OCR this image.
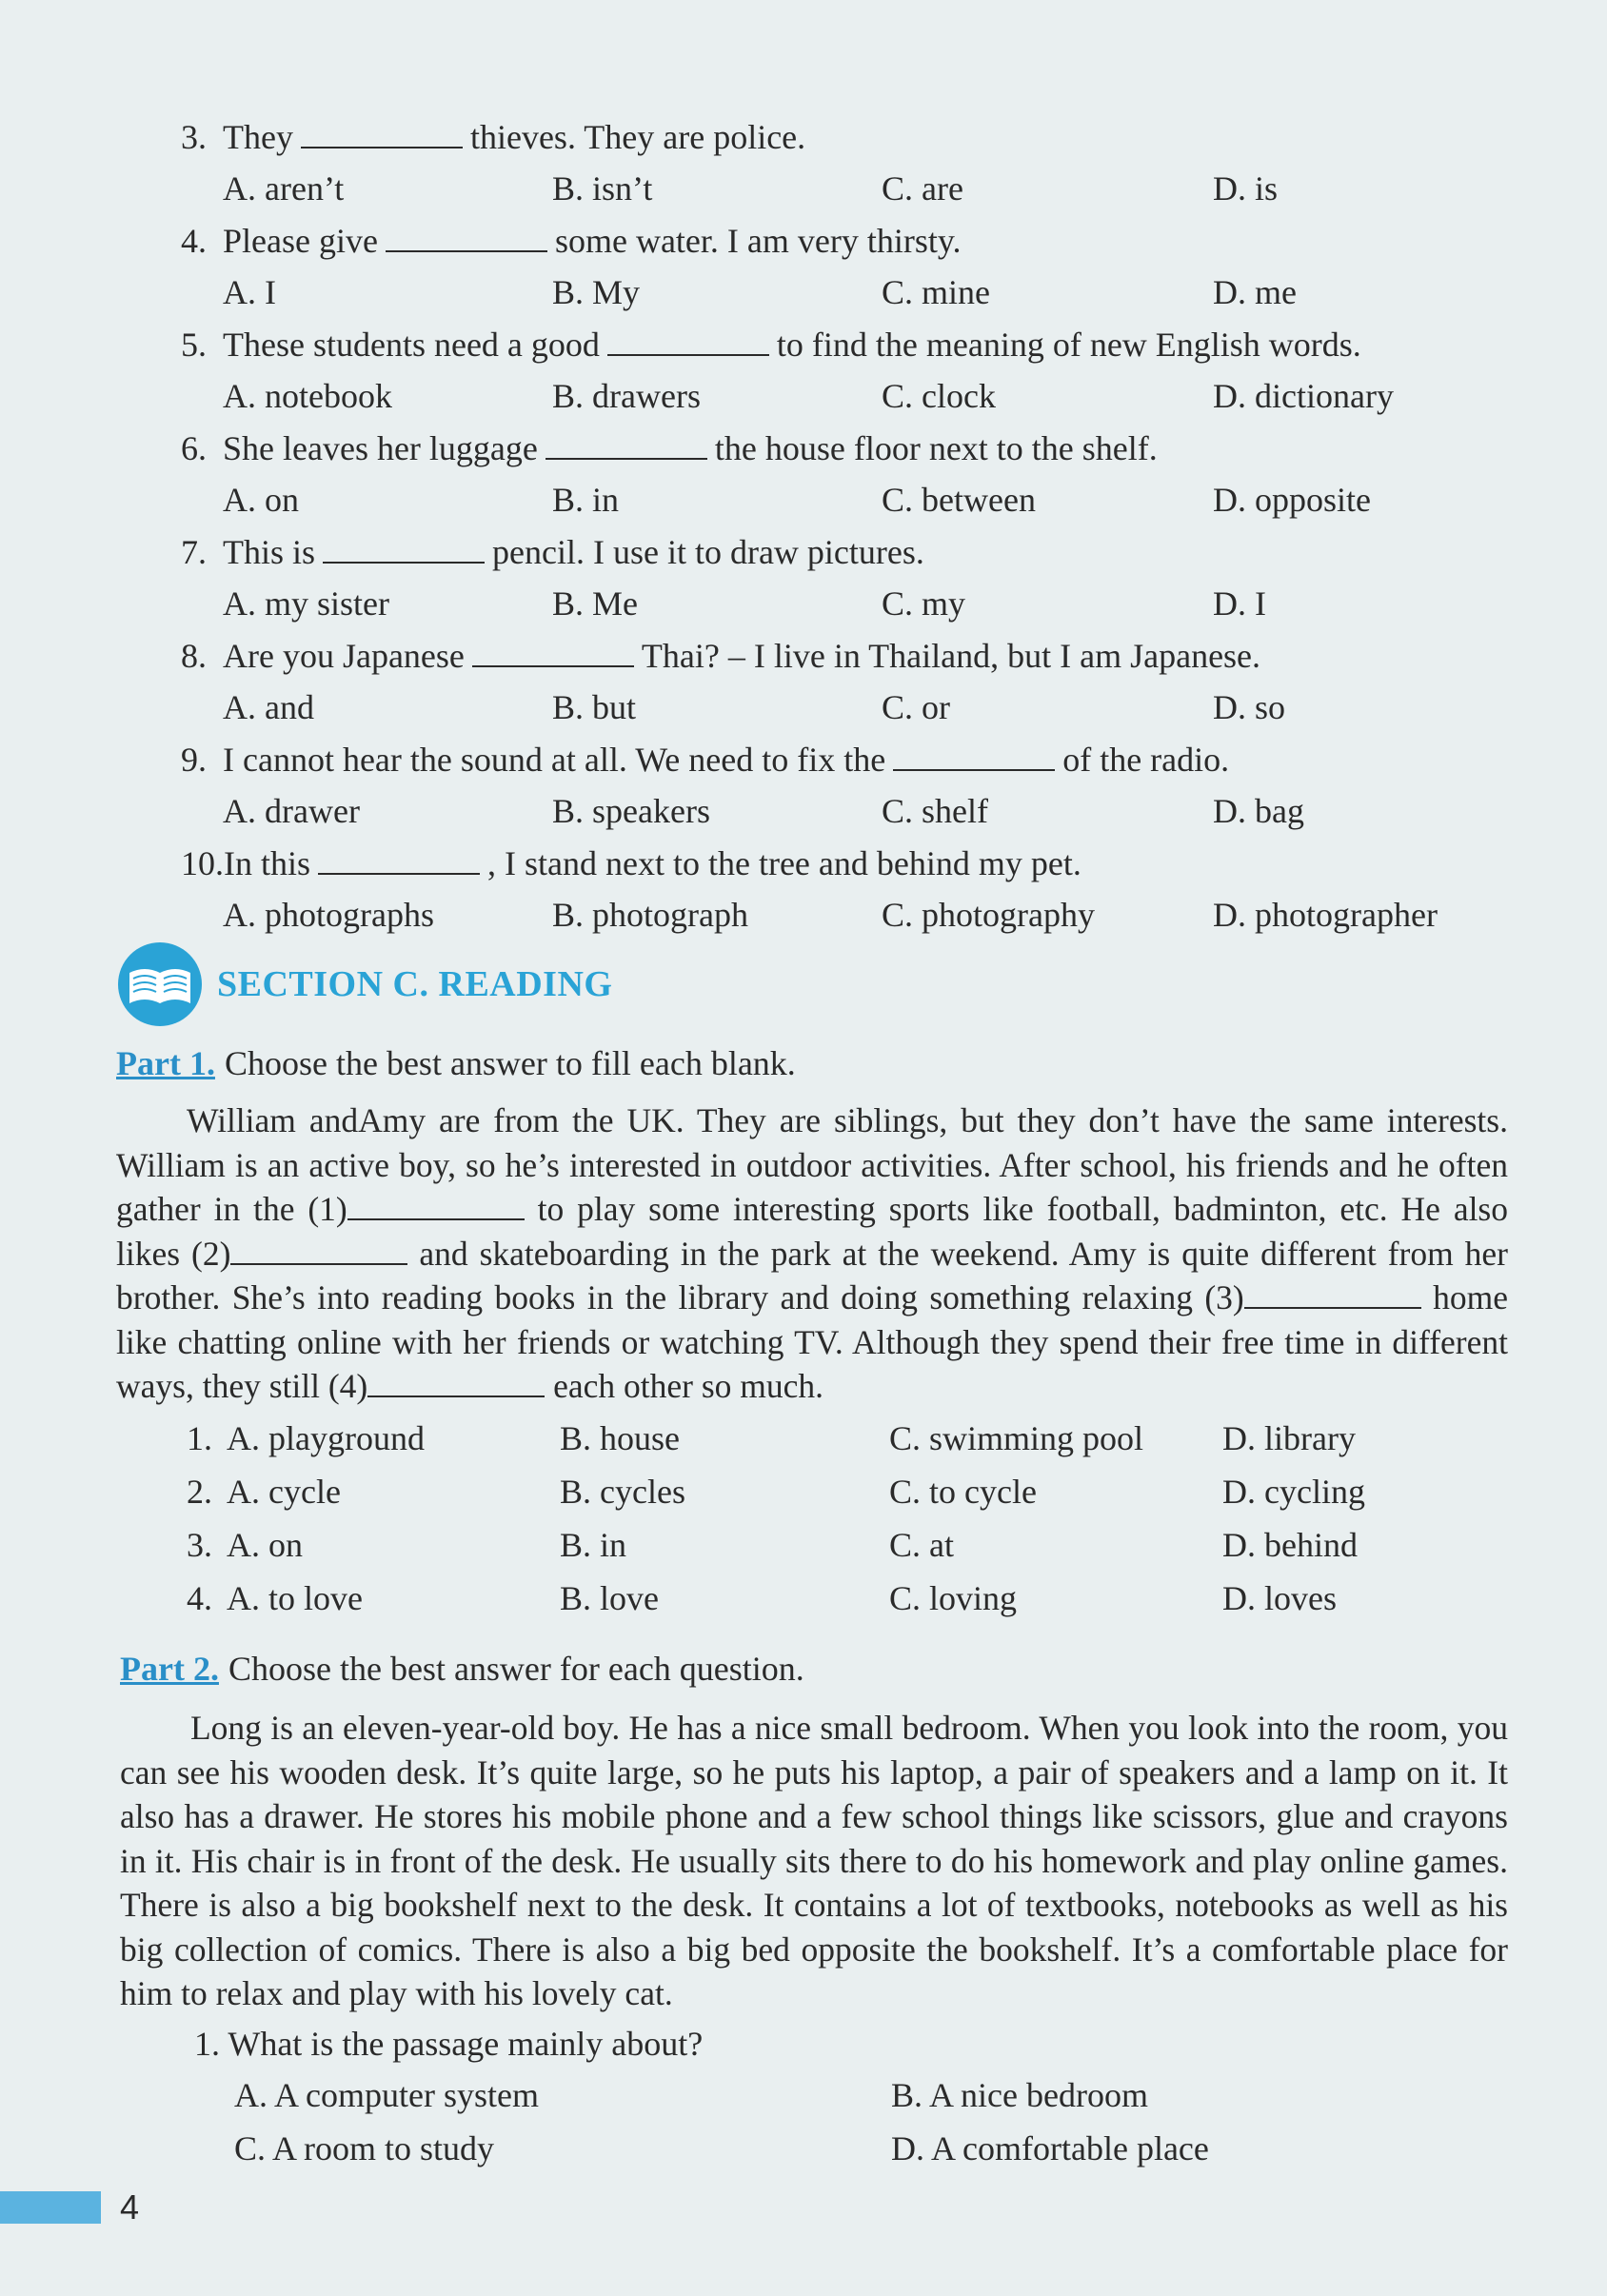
3. They	thieves. They are police.
A. aren’t	B. isn’t	C. are	D. is
4. Please give	some water. I am very thirsty.
A. I	B. My	C. mine	D. me
5. These students need a good	to find the meaning of new English words.
A. notebook	B. drawers	C. clock	D. dictionary
6. She leaves her luggage	the house floor next to the shelf.
A. on	B. in	C. between	D. opposite
7. This is	pencil. I use it to draw pictures.
A. my sister	B. Me	C. my	D. I
8. Are you Japanese	Thai? – I live in Thailand, but I am Japanese.
A. and	B. but	C. or	D. so
9. I cannot hear the sound at all. We need to fix the	of the radio.
A. drawer	B. speakers	C. shelf	D. bag
10.In this	, I stand next to the tree and behind my pet.
A. photographs	B. photograph	C. photography	D. photographer
SECTION C. READING
Part 1. Choose the best answer to fill each blank.

William andAmy are from the UK. They are siblings, but they don’t have the same interests. William is an active boy, so he’s interested in outdoor activities. After school, his friends and he often gather in the (1)	to play some interesting sports like football, badminton, etc. He also likes (2)	and skateboarding in the park at the weekend. Amy is quite different from her brother. She’s into reading books in the library and doing something relaxing (3)	home like chatting online with her friends or watching TV. Although they spend their free time in different ways, they still (4)	each other so much.

1. A. playground	B. house	C. swimming pool D. library
2. A. cycle	B. cycles	C. to cycle	D. cycling
3. A. on	B. in	C. at	D. behind
4. A. to love	B. love	C. loving	D. loves
Part 2. Choose the best answer for each question.

Long is an eleven-year-old boy. He has a nice small bedroom. When you look into the room, you can see his wooden desk. It’s quite large, so he puts his laptop, a pair of speakers and a lamp on it. It also has a drawer. He stores his mobile phone and a few school things like scissors, glue and crayons in it. His chair is in front of the desk. He usually sits there to do his homework and play online games. There is also a big bookshelf next to the desk. It contains a lot of textbooks, notebooks as well as his big collection of comics. There is also a big bed opposite the bookshelf. It’s a comfortable place for him to relax and play with his lovely cat.

1. What is the passage mainly about?
A. A computer system	B. A nice bedroom
C. A room to study	D. A comfortable place
4
